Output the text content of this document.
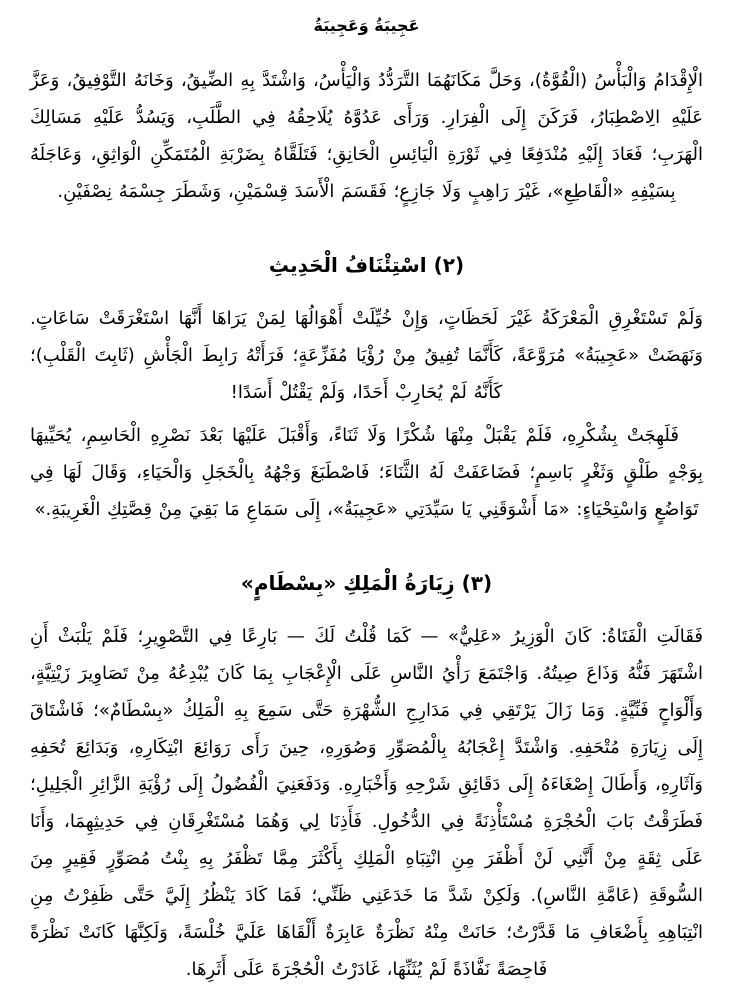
عَجِيبَةُ وَعَجِيبَةُ

الْإِقْدَامُ وَالْبَأْسُ (الْقُوَّةُ)، وَحَلَّ مَكَانَهُمَا التَّرَدُّدُ وَالْيَأْسُ، وَاشْتَدَّ بِهِ الضِّيقُ، وَخَانَهُ التَّوْفِيقُ، وَعَزَّ عَلَيْهِ الِاصْطِبَارُ، فَرَكَنَ إِلَى الْفِرَارِ. وَرَأَى عَدُوَّهُ يُلَاحِقُهُ فِي الطَّلَبِ، وَيَسُدُّ عَلَيْهِ مَسَالِكَ الْهَرَبِ؛ فَعَادَ إِلَيْهِ مُنْدَفِعًا فِي ثَوْرَةِ الْيَائِسِ الْحَانِقِ؛ فَتَلَقَّاهُ بِضَرْبَةِ الْمُتَمَكِّنِ الْوَاثِقِ، وَعَاجَلَهُ بِسَيْفِهِ «الْقَاطِعِ»، غَيْرَ رَاهِبٍ وَلَا جَازِعٍ؛ فَقَسَمَ الْأَسَدَ قِسْمَيْنِ، وَشَطَرَ جِسْمَهُ نِصْفَيْنِ.

(٢) اسْتِئْنَافُ الْحَدِيثِ

وَلَمْ تَسْتَغْرِقِ الْمَعْرَكَةُ غَيْرَ لَحَظَاتٍ، وَإِنْ خُيِّلَتْ أَهْوَالُهَا لِمَنْ يَرَاهَا أَنَّهَا اسْتَغْرَقَتْ سَاعَاتٍ. وَنَهَضَتْ «عَجِيبَةُ» مُرَوَّعَةً، كَأَنَّمَا تُفِيقُ مِنْ رُؤْيَا مُفَزِّعَةٍ؛ فَرَأَتْهُ رَابِطَ الْجَأْشِ (ثَابِتَ الْقَلْبِ)؛ كَأَنَّهُ لَمْ يُحَارِبْ أَحَدًا، وَلَمْ يَقْتُلْ أَسَدًا!

فَلَهِجَتْ بِشُكْرِهِ، فَلَمْ يَقْبَلْ مِنْهَا شُكْرًا وَلَا ثَنَاءً، وَأَقْبَلَ عَلَيْهَا بَعْدَ نَصْرِهِ الْحَاسِمِ، يُحَيِّيهَا بِوَجْهٍ طَلْقٍ وَثَغْرٍ بَاسِمٍ؛ فَضَاعَفَتْ لَهُ الثَّنَاءَ؛ فَاصْطَبَغَ وَجْهُهُ بِالْخَجَلِ وَالْحَيَاءِ، وَقَالَ لَهَا فِي تَوَاضُعٍ وَاسْتِحْيَاءٍ: «مَا أَشْوَقَنِي يَا سَيِّدَتِي «عَجِيبَةُ»، إِلَى سَمَاعِ مَا بَقِيَ مِنْ قِصَّتِكِ الْغَرِيبَةِ.»

(٣) زِيَارَةُ الْمَلِكِ «بِسْطَامٍ»

فَقَالَتِ الْفَتَاةُ: كَانَ الْوَزِيرُ «عَلِيٌّ» — كَمَا قُلْتُ لَكَ — بَارِعًا فِي التَّصْوِيرِ؛ فَلَمْ يَلْبَثْ أَنِ اشْتَهَرَ فَنُّهُ وَذَاعَ صِيتُهُ. وَاجْتَمَعَ رَأْيُ النَّاسِ عَلَى الْإِعْجَابِ بِمَا كَانَ يُبْدِعُهُ مِنْ تَصَاوِيرَ زَيْتِيَّةٍ، وَأَلْوَاحٍ فَنِّيَّةٍ. وَمَا زَالَ يَرْتَقِي فِي مَدَارِجِ الشُّهْرَةِ حَتَّى سَمِعَ بِهِ الْمَلِكُ «بِسْطَامٌ»؛ فَاشْتَاقَ إِلَى زِيَارَةِ مُتْحَفِهِ. وَاشْتَدَّ إِعْجَابُهُ بِالْمُصَوِّرِ وَصُوَرِهِ، حِينَ رَأَى رَوَائِعَ ابْتِكَارِهِ، وَبَدَائِعَ تُحَفِهِ وَآثَارِهِ، وَأَطَالَ إِصْغَاءَهُ إِلَى دَقَائِقِ شَرْحِهِ وَأَخْبَارِهِ. وَدَفَعَنِيَ الْفُضُولُ إِلَى رُؤْيَةِ الزَّائِرِ الْجَلِيلِ؛ فَطَرَقْتُ بَابَ الْحُجْرَةِ مُسْتَأْذِنَةً فِي الدُّخُولِ. فَأَذِنَا لِي وَهُمَا مُسْتَغْرِقَانِ فِي حَدِيثِهِمَا، وَأَنَا عَلَى ثِقَةٍ مِنْ أَنَّنِي لَنْ أَظْفَرَ مِنِ انْتِبَاهِ الْمَلِكِ بِأَكْثَرَ مِمَّا تَظْفَرُ بِهِ بِنْتُ مُصَوِّرٍ فَقِيرٍ مِنَ السُّوقَةِ (عَامَّةِ النَّاسِ). وَلَكِنْ شَدَّ مَا خَدَعَنِي ظَنِّي؛ فَمَا كَادَ يَنْظُرُ إِلَيَّ حَتَّى ظَفِرْتُ مِنِ انْتِبَاهِهِ بِأَضْعَافِ مَا قَدَّرْتُ؛ حَانَتْ مِنْهُ نَظْرَةٌ عَابِرَةٌ أَلْقَاهَا عَلَيَّ خُلْسَةً، وَلَكِنَّهَا كَانَتْ نَظْرَةً فَاحِصَةً نَفَّاذَةً لَمْ يُثَنِّهَا، غَادَرْتُ الْحُجْرَةَ عَلَى أَثَرِهَا.
